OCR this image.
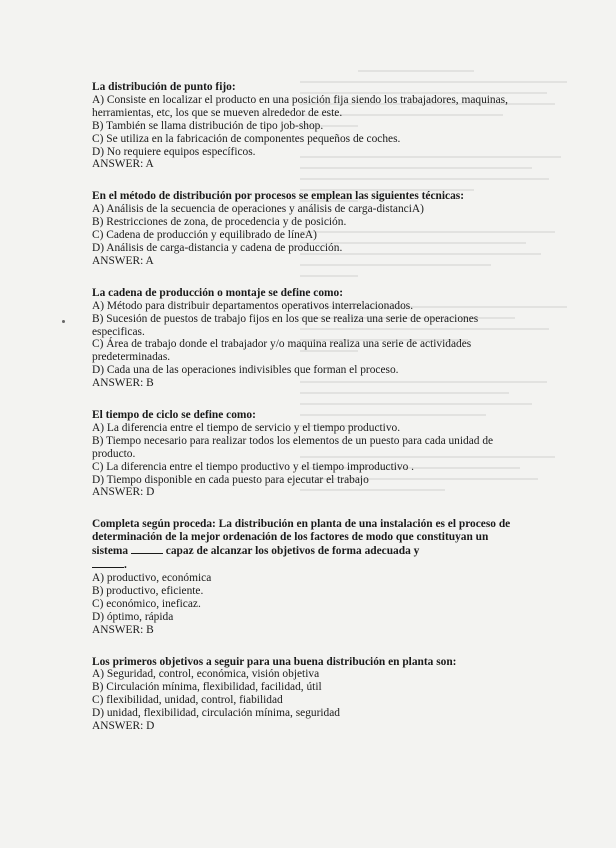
La distribución de punto fijo:

A) Consiste en localizar el producto en una posición fija siendo los trabajadores, maquinas, herramientas, etc, los que se mueven alrededor de este.

B) También se llama distribución de tipo job-shop.

C) Se utiliza en la fabricación de componentes pequeños de coches.

D) No requiere equipos específicos.

ANSWER: A

En el método de distribución por procesos se emplean las siguientes técnicas:

A) Análisis de la secuencia de operaciones y análisis de carga-distanciA)

B) Restricciones de zona, de procedencia y de posición.

C) Cadena de producción y equilibrado de líneA)

D) Análisis de carga-distancia y cadena de producción.

ANSWER: A

La cadena de producción o montaje se define como:

A) Método para distribuir departamentos operativos interrelacionados.

B) Sucesión de puestos de trabajo fijos en los que se realiza una serie de operaciones especificas.

C) Área de trabajo donde el trabajador y/o maquina realiza una serie de actividades predeterminadas.

D) Cada una de las operaciones indivisibles que forman el proceso.

ANSWER: B

El tiempo de ciclo se define como:

A) La diferencia entre el tiempo de servicio y el tiempo productivo.

B) Tiempo necesario para realizar todos los elementos de un puesto para cada unidad de producto.

C) La diferencia entre el tiempo productivo y el tiempo improductivo .

D) Tiempo disponible en cada puesto para ejecutar el trabajo

ANSWER: D

Completa según proceda: La distribución en planta de una instalación es el proceso de determinación de la mejor ordenación de los factores de modo que constituyan un sistema	capaz de alcanzar los objetivos de forma adecuada y
.

A) productivo, económica

B) productivo, eficiente.

C) económico, ineficaz.

D) óptimo, rápida

ANSWER: B

Los primeros objetivos a seguir para una buena distribución en planta son:

A) Seguridad, control, económica, visión objetiva

B) Circulación mínima, flexibilidad, facilidad, útil

C) flexibilidad, unidad, control, fiabilidad

D) unidad, flexibilidad, circulación mínima, seguridad

ANSWER: D
